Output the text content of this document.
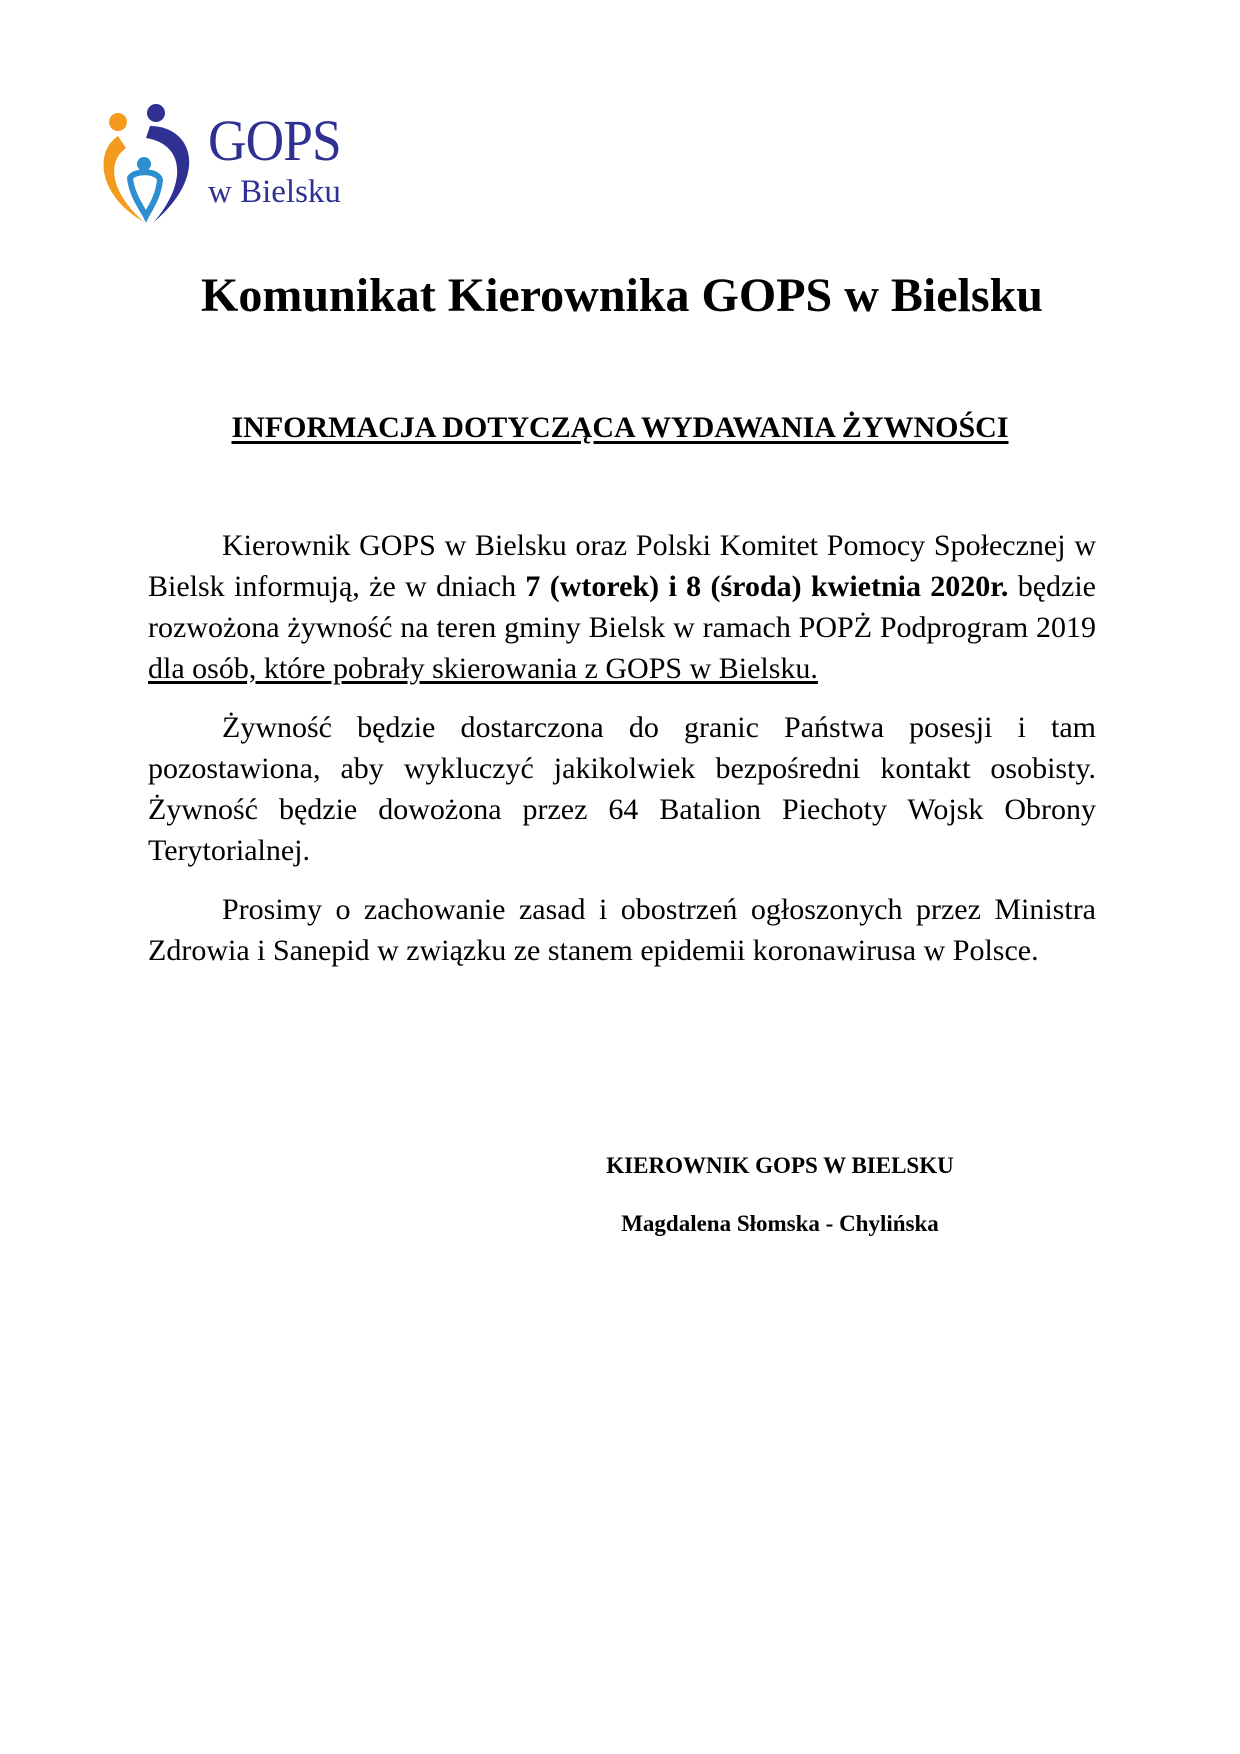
GOPS
w Bielsku
Komunikat Kierownika GOPS w Bielsku
INFORMACJA DOTYCZĄCA WYDAWANIA ŻYWNOŚCI

Kierownik GOPS w Bielsku oraz Polski Komitet Pomocy Społecznej w Bielsk informują, że w dniach 7 (wtorek) i 8 (środa) kwietnia 2020r. będzie rozwożona żywność na teren gminy Bielsk w ramach POPŻ Podprogram 2019 dla osób, które pobrały skierowania z GOPS w Bielsku.

Żywność będzie dostarczona do granic Państwa posesji i tam pozostawiona, aby wykluczyć jakikolwiek bezpośredni kontakt osobisty. Żywność będzie dowożona przez 64 Batalion Piechoty Wojsk Obrony Terytorialnej.

Prosimy o zachowanie zasad i obostrzeń ogłoszonych przez Ministra Zdrowia i Sanepid w związku ze stanem epidemii koronawirusa w Polsce.

KIEROWNIK GOPS W BIELSKU
Magdalena Słomska - Chylińska
